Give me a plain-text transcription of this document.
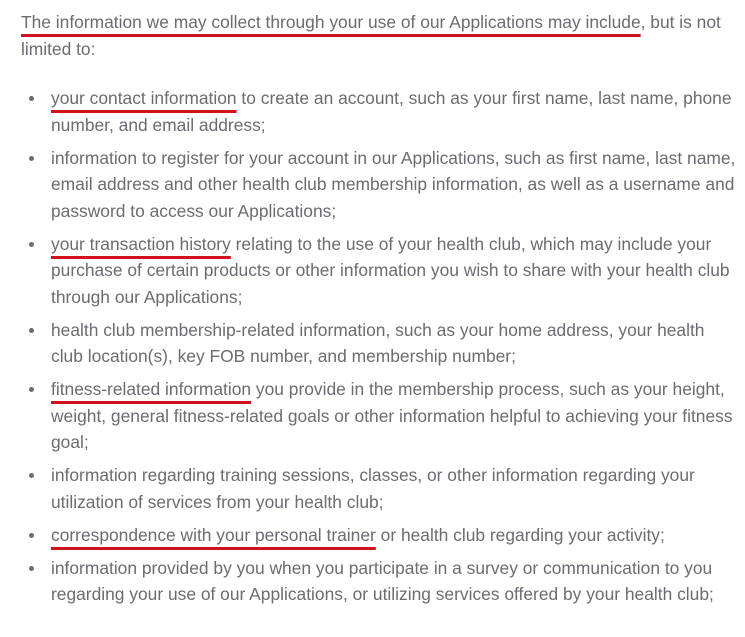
The information we may collect through your use of our Applications may include, but is not limited to:

your contact information to create an account, such as your first name, last name, phone number, and email address;
information to register for your account in our Applications, such as first name, last name, email address and other health club membership information, as well as a username and password to access our Applications;
your transaction history relating to the use of your health club, which may include your purchase of certain products or other information you wish to share with your health club through our Applications;
health club membership-related information, such as your home address, your health club location(s), key FOB number, and membership number;
fitness-related information you provide in the membership process, such as your height, weight, general fitness-related goals or other information helpful to achieving your fitness goal;
information regarding training sessions, classes, or other information regarding your utilization of services from your health club;
correspondence with your personal trainer or health club regarding your activity;
information provided by you when you participate in a survey or communication to you regarding your use of our Applications, or utilizing services offered by your health club;
